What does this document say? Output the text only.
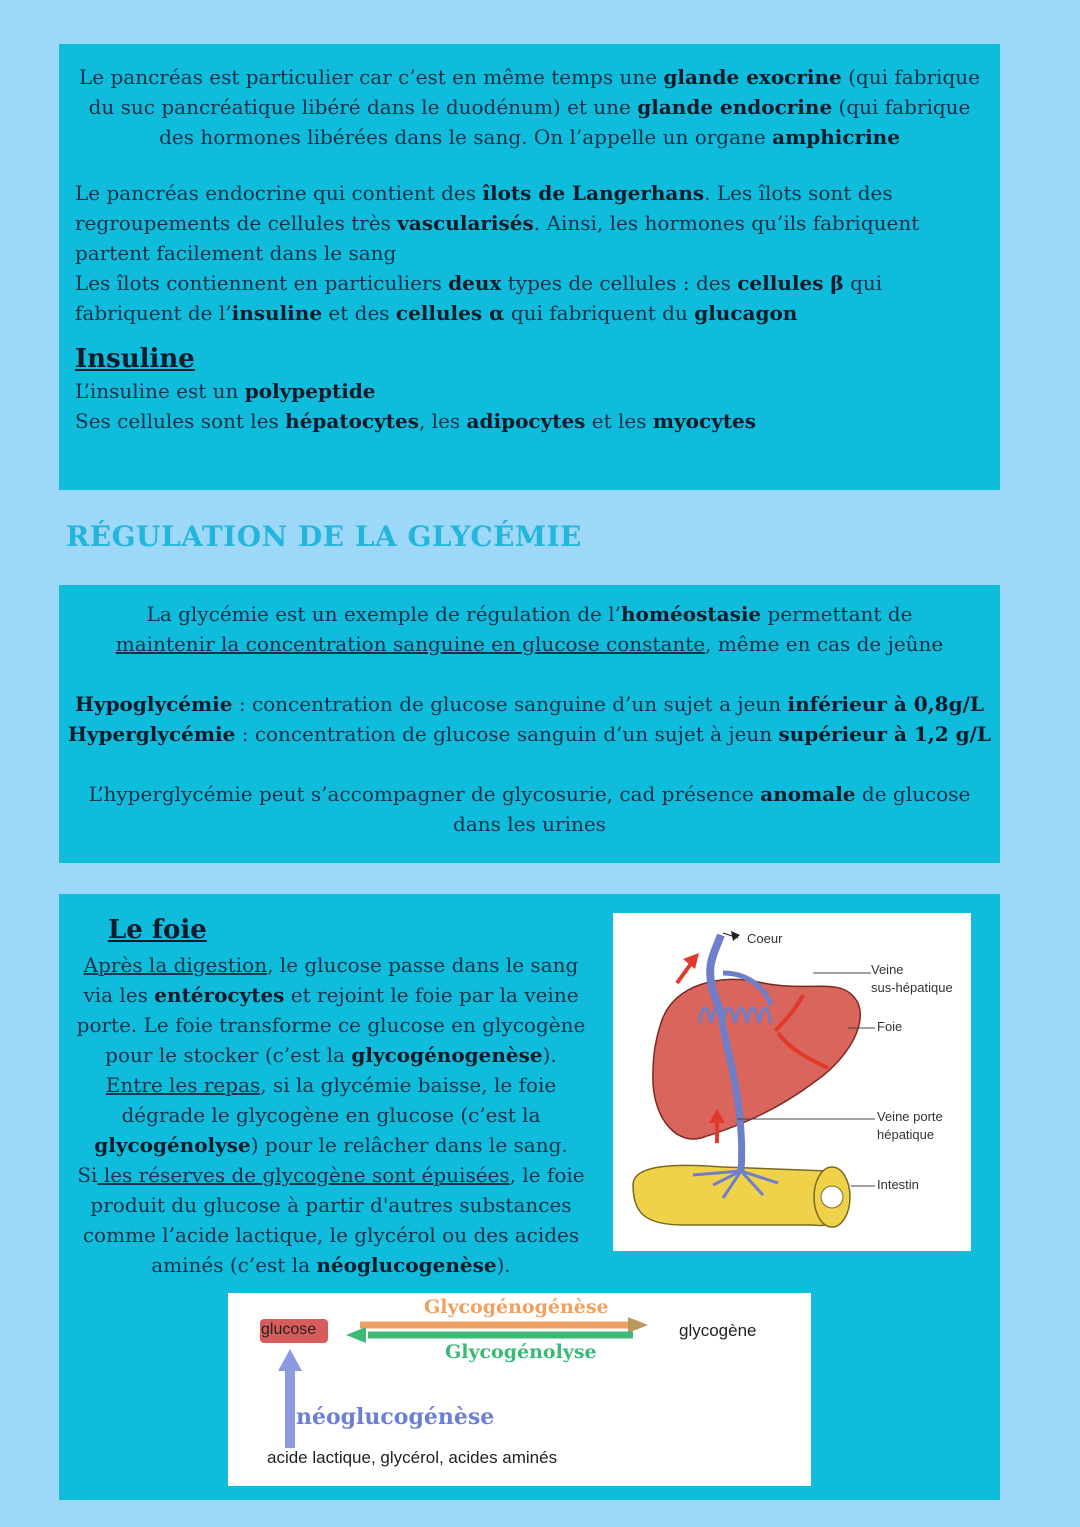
Le pancréas est particulier car c’est en même temps une glande exocrine (qui fabrique du suc pancréatique libéré dans le duodénum) et une glande endocrine (qui fabrique des hormones libérées dans le sang. On l’appelle un organe amphicrine

Le pancréas endocrine qui contient des îlots de Langerhans. Les îlots sont des regroupements de cellules très vascularisés. Ainsi, les hormones qu’ils fabriquent partent facilement dans le sang

Les îlots contiennent en particuliers deux types de cellules : des cellules β qui fabriquent de l’insuline et des cellules α qui fabriquent du glucagon

Insuline

L’insuline est un polypeptide

Ses cellules sont les hépatocytes, les adipocytes et les myocytes

RÉGULATION DE LA GLYCÉMIE

La glycémie est un exemple de régulation de l’homéostasie permettant de maintenir la concentration sanguine en glucose constante, même en cas de jeûne

Hypoglycémie : concentration de glucose sanguine d’un sujet a jeun inférieur à 0,8g/L

Hyperglycémie : concentration de glucose sanguin d’un sujet à jeun supérieur à 1,2 g/L

L’hyperglycémie peut s’accompagner de glycosurie, cad présence anomale de glucose dans les urines

Le foie

Après la digestion, le glucose passe dans le sang via les entérocytes et rejoint le foie par la veine porte. Le foie transforme ce glucose en glycogène pour le stocker (c’est la glycogénogenèse).

Entre les repas, si la glycémie baisse, le foie dégrade le glycogène en glucose (c’est la glycogénolyse) pour le relâcher dans le sang.

Si les réserves de glycogène sont épuisées, le foie produit du glucose à partir d'autres substances comme l’acide lactique, le glycérol ou des acides aminés (c’est la néoglucogenèse).

Coeur
Veine
sus-hépatique
Foie
Veine porte
hépatique
Intestin
Glycogénogénèse
glucose	glycogène
Glycogénolyse
néoglucogénèse
acide lactique, glycérol, acides aminés
